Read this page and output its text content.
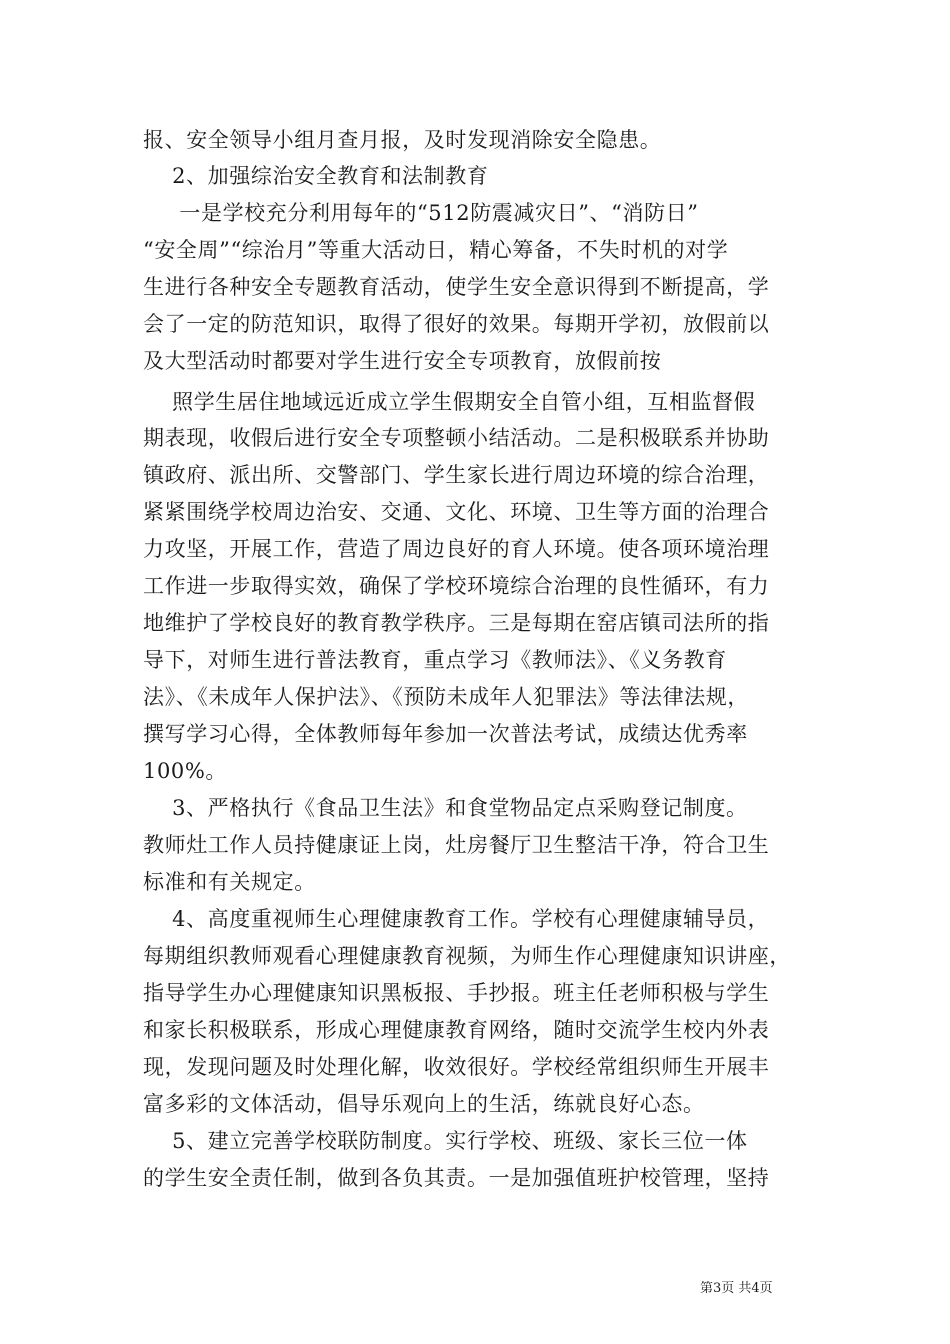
报、安全领导小组月查月报，及时发现消除安全隐患。
2、加强综治安全教育和法制教育
一是学校充分利用每年的“512防震减灾日”、“消防日”
“安全周”“综治月”等重大活动日，精心筹备，不失时机的对学
生进行各种安全专题教育活动，使学生安全意识得到不断提高，学
会了一定的防范知识，取得了很好的效果。每期开学初，放假前以
及大型活动时都要对学生进行安全专项教育，放假前按
照学生居住地域远近成立学生假期安全自管小组，互相监督假
期表现，收假后进行安全专项整顿小结活动。二是积极联系并协助
镇政府、派出所、交警部门、学生家长进行周边环境的综合治理，
紧紧围绕学校周边治安、交通、文化、环境、卫生等方面的治理合
力攻坚，开展工作，营造了周边良好的育人环境。使各项环境治理
工作进一步取得实效，确保了学校环境综合治理的良性循环，有力
地维护了学校良好的教育教学秩序。三是每期在窑店镇司法所的指
导下，对师生进行普法教育，重点学习《教师法》、《义务教育
法》、《未成年人保护法》、《预防未成年人犯罪法》等法律法规，
撰写学习心得，全体教师每年参加一次普法考试，成绩达优秀率
100%。
3、严格执行《食品卫生法》和食堂物品定点采购登记制度。
教师灶工作人员持健康证上岗，灶房餐厅卫生整洁干净，符合卫生
标准和有关规定。
4、高度重视师生心理健康教育工作。学校有心理健康辅导员，
每期组织教师观看心理健康教育视频，为师生作心理健康知识讲座，
指导学生办心理健康知识黑板报、手抄报。班主任老师积极与学生
和家长积极联系，形成心理健康教育网络，随时交流学生校内外表
现，发现问题及时处理化解，收效很好。学校经常组织师生开展丰
富多彩的文体活动，倡导乐观向上的生活，练就良好心态。
5、建立完善学校联防制度。实行学校、班级、家长三位一体
的学生安全责任制，做到各负其责。一是加强值班护校管理，坚持
第3页 共4页
